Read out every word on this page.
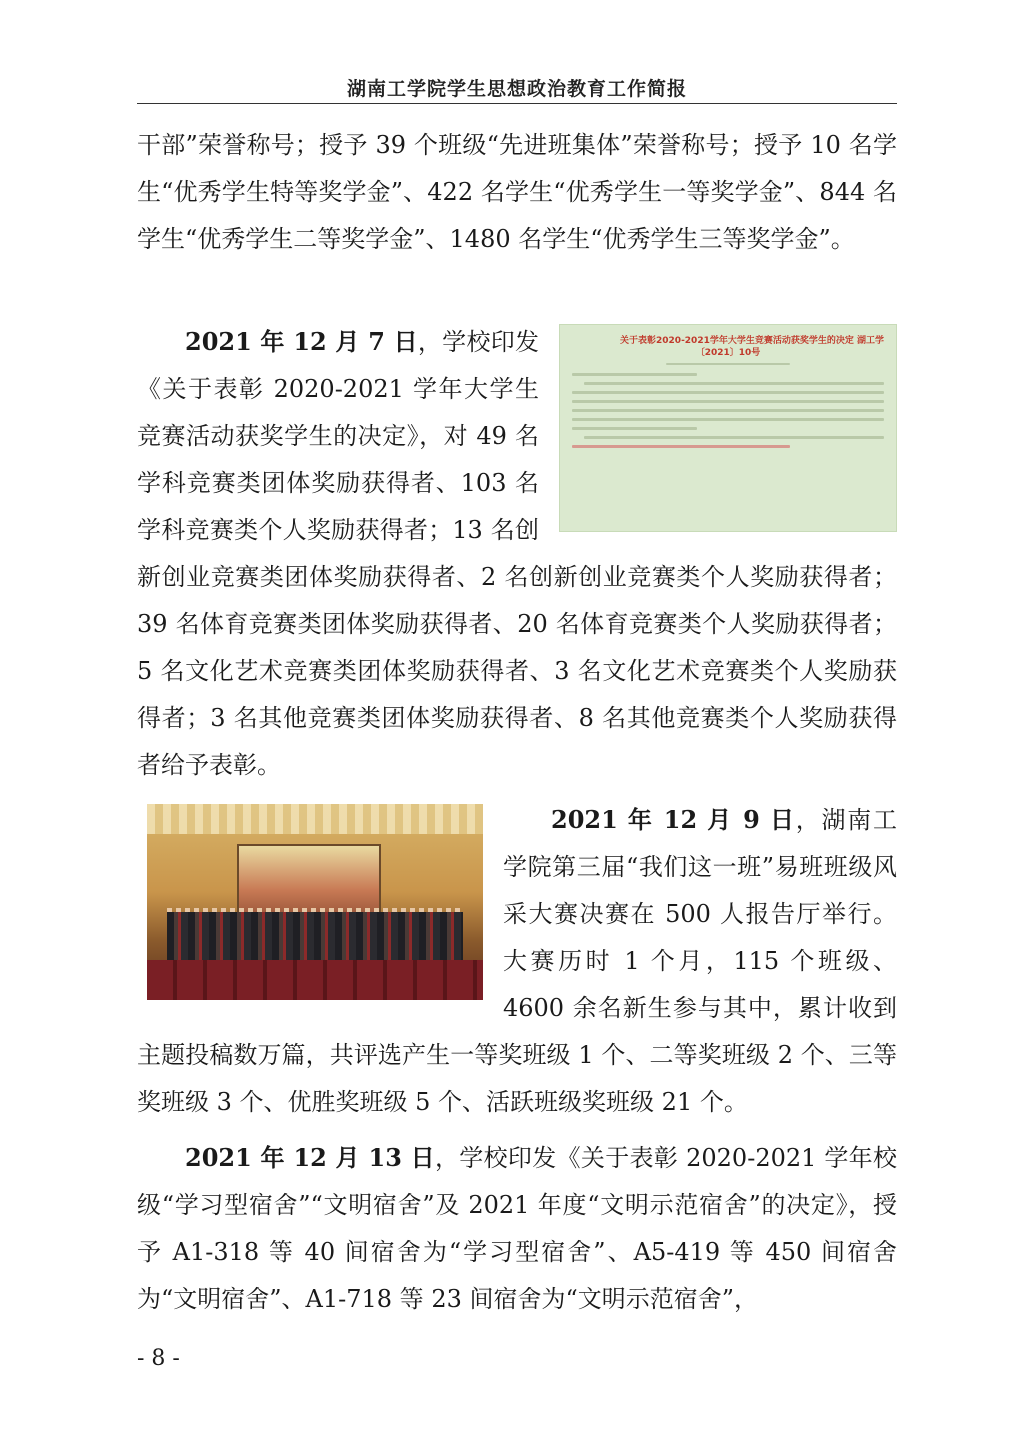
湖南工学院学生思想政治教育工作简报

干部”荣誉称号；授予 39 个班级“先进班集体”荣誉称号；授予 10 名学生“优秀学生特等奖学金”、422 名学生“优秀学生一等奖学金”、844 名学生“优秀学生二等奖学金”、1480 名学生“优秀学生三等奖学金”。

关于表彰2020-2021学年大学生竞赛活动获奖学生的决定 湖工学〔2021〕10号
2021 年 12 月 7 日，学校印发《关于表彰 2020-2021 学年大学生竞赛活动获奖学生的决定》，对 49 名学科竞赛类团体奖励获得者、103 名学科竞赛类个人奖励获得者；13 名创新创业竞赛类团体奖励获得者、2 名创新创业竞赛类个人奖励获得者；39 名体育竞赛类团体奖励获得者、20 名体育竞赛类个人奖励获得者；5 名文化艺术竞赛类团体奖励获得者、3 名文化艺术竞赛类个人奖励获得者；3 名其他竞赛类团体奖励获得者、8 名其他竞赛类个人奖励获得者给予表彰。
2021 年 12 月 9 日，湖南工学院第三届“我们这一班”易班班级风采大赛决赛在 500 人报告厅举行。大赛历时 1 个月，115 个班级、4600 余名新生参与其中，累计收到主题投稿数万篇，共评选产生一等奖班级 1 个、二等奖班级 2 个、三等奖班级 3 个、优胜奖班级 5 个、活跃班级奖班级 21 个。
2021 年 12 月 13 日，学校印发《关于表彰 2020-2021 学年校级“学习型宿舍”“文明宿舍”及 2021 年度“文明示范宿舍”的决定》，授予 A1-318 等 40 间宿舍为“学习型宿舍”、A5-419 等 450 间宿舍为“文明宿舍”、A1-718 等 23 间宿舍为“文明示范宿舍”，
- 8 -
